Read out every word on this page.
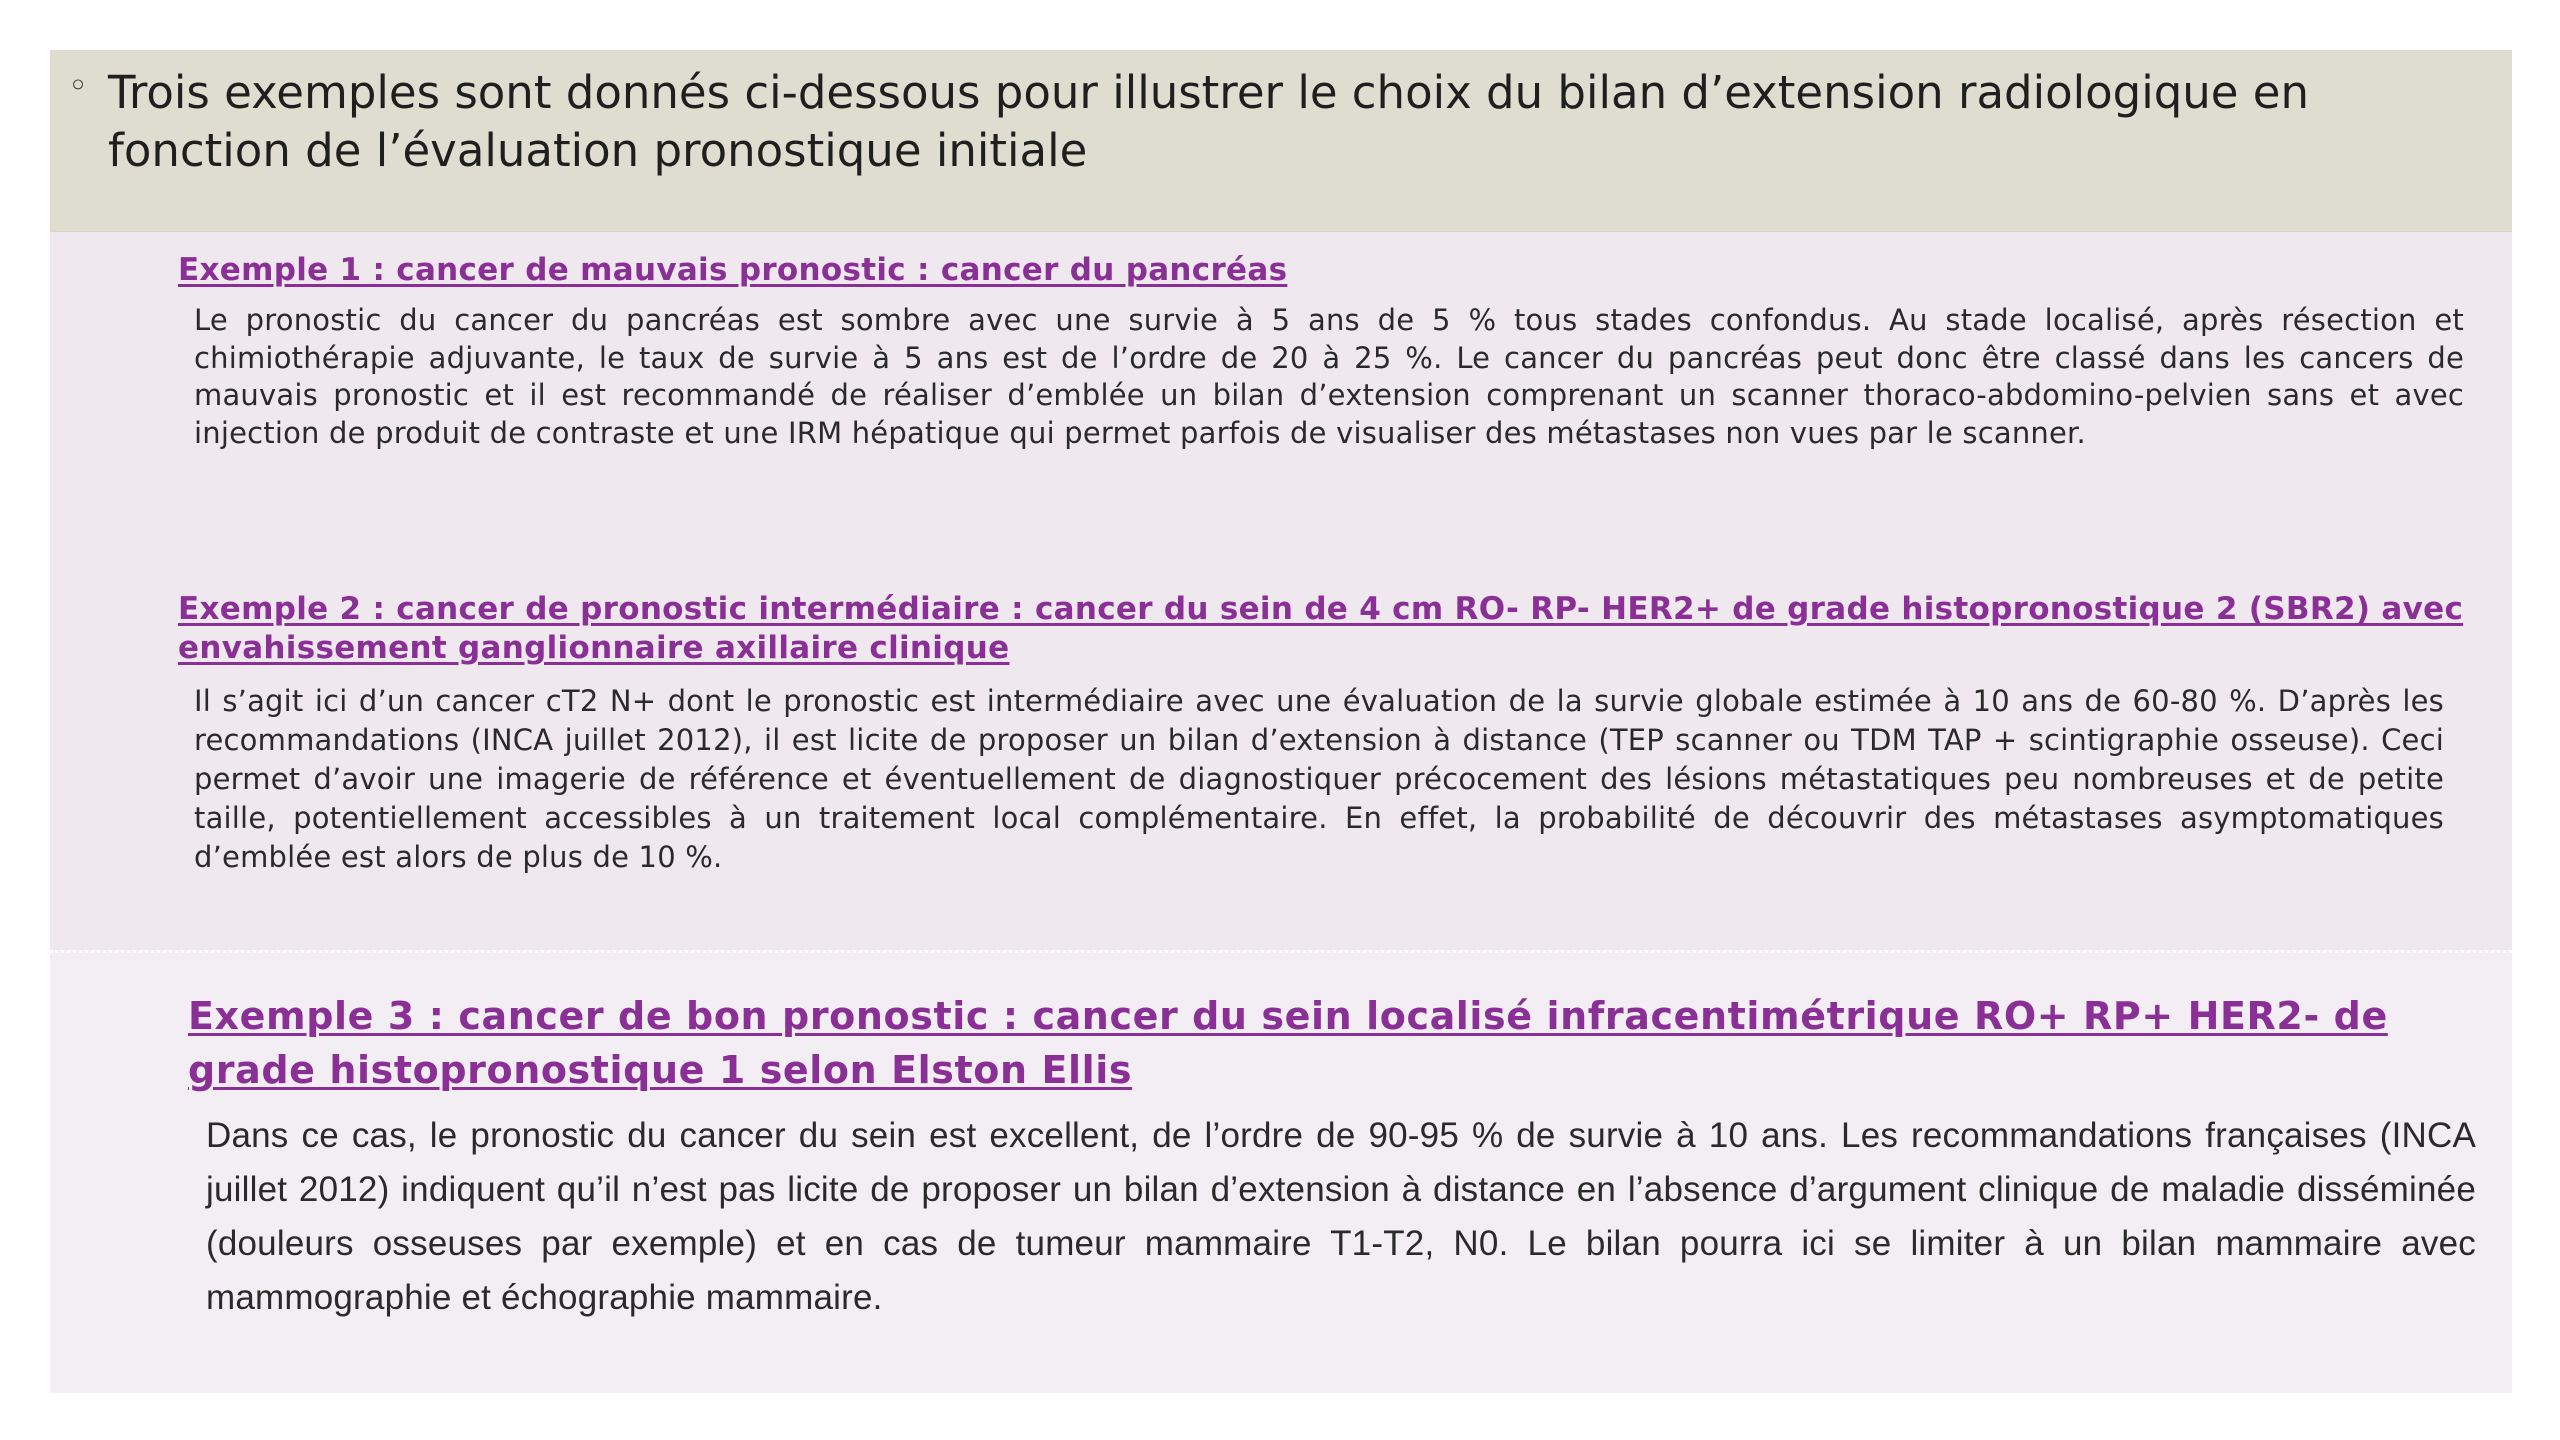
◦ Trois exemples sont donnés ci-dessous pour illustrer le choix du bilan d’extension radiologique en fonction de l’évaluation pronostique initiale

Exemple 1 : cancer de mauvais pronostic : cancer du pancréas

Le pronostic du cancer du pancréas est sombre avec une survie à 5 ans de 5 % tous stades confondus. Au stade localisé, après résection et chimiothérapie adjuvante, le taux de survie à 5 ans est de l’ordre de 20 à 25 %. Le cancer du pancréas peut donc être classé dans les cancers de mauvais pronostic et il est recommandé de réaliser d’emblée un bilan d’extension comprenant un scanner thoraco-abdomino-pelvien sans et avec injection de produit de contraste et une IRM hépatique qui permet parfois de visualiser des métastases non vues par le scanner.

Exemple 2 : cancer de pronostic intermédiaire : cancer du sein de 4 cm RO- RP- HER2+ de grade histopronostique 2 (SBR2) avec envahissement ganglionnaire axillaire clinique

Il s’agit ici d’un cancer cT2 N+ dont le pronostic est intermédiaire avec une évaluation de la survie globale estimée à 10 ans de 60-80 %. D’après les recommandations (INCA juillet 2012), il est licite de proposer un bilan d’extension à distance (TEP scanner ou TDM TAP + scintigraphie osseuse). Ceci permet d’avoir une imagerie de référence et éventuellement de diagnostiquer précocement des lésions métastatiques peu nombreuses et de petite taille, potentiellement accessibles à un traitement local complémentaire. En effet, la probabilité de découvrir des métastases asymptomatiques d’emblée est alors de plus de 10 %.

Exemple 3 : cancer de bon pronostic : cancer du sein localisé infracentimétrique RO+ RP+ HER2- de grade histopronostique 1 selon Elston Ellis

Dans ce cas, le pronostic du cancer du sein est excellent, de l’ordre de 90-95 % de survie à 10 ans. Les recommandations françaises (INCA juillet 2012) indiquent qu’il n’est pas licite de proposer un bilan d’extension à distance en l’absence d’argument clinique de maladie disséminée (douleurs osseuses par exemple) et en cas de tumeur mammaire T1-T2, N0. Le bilan pourra ici se limiter à un bilan mammaire avec mammographie et échographie mammaire.
